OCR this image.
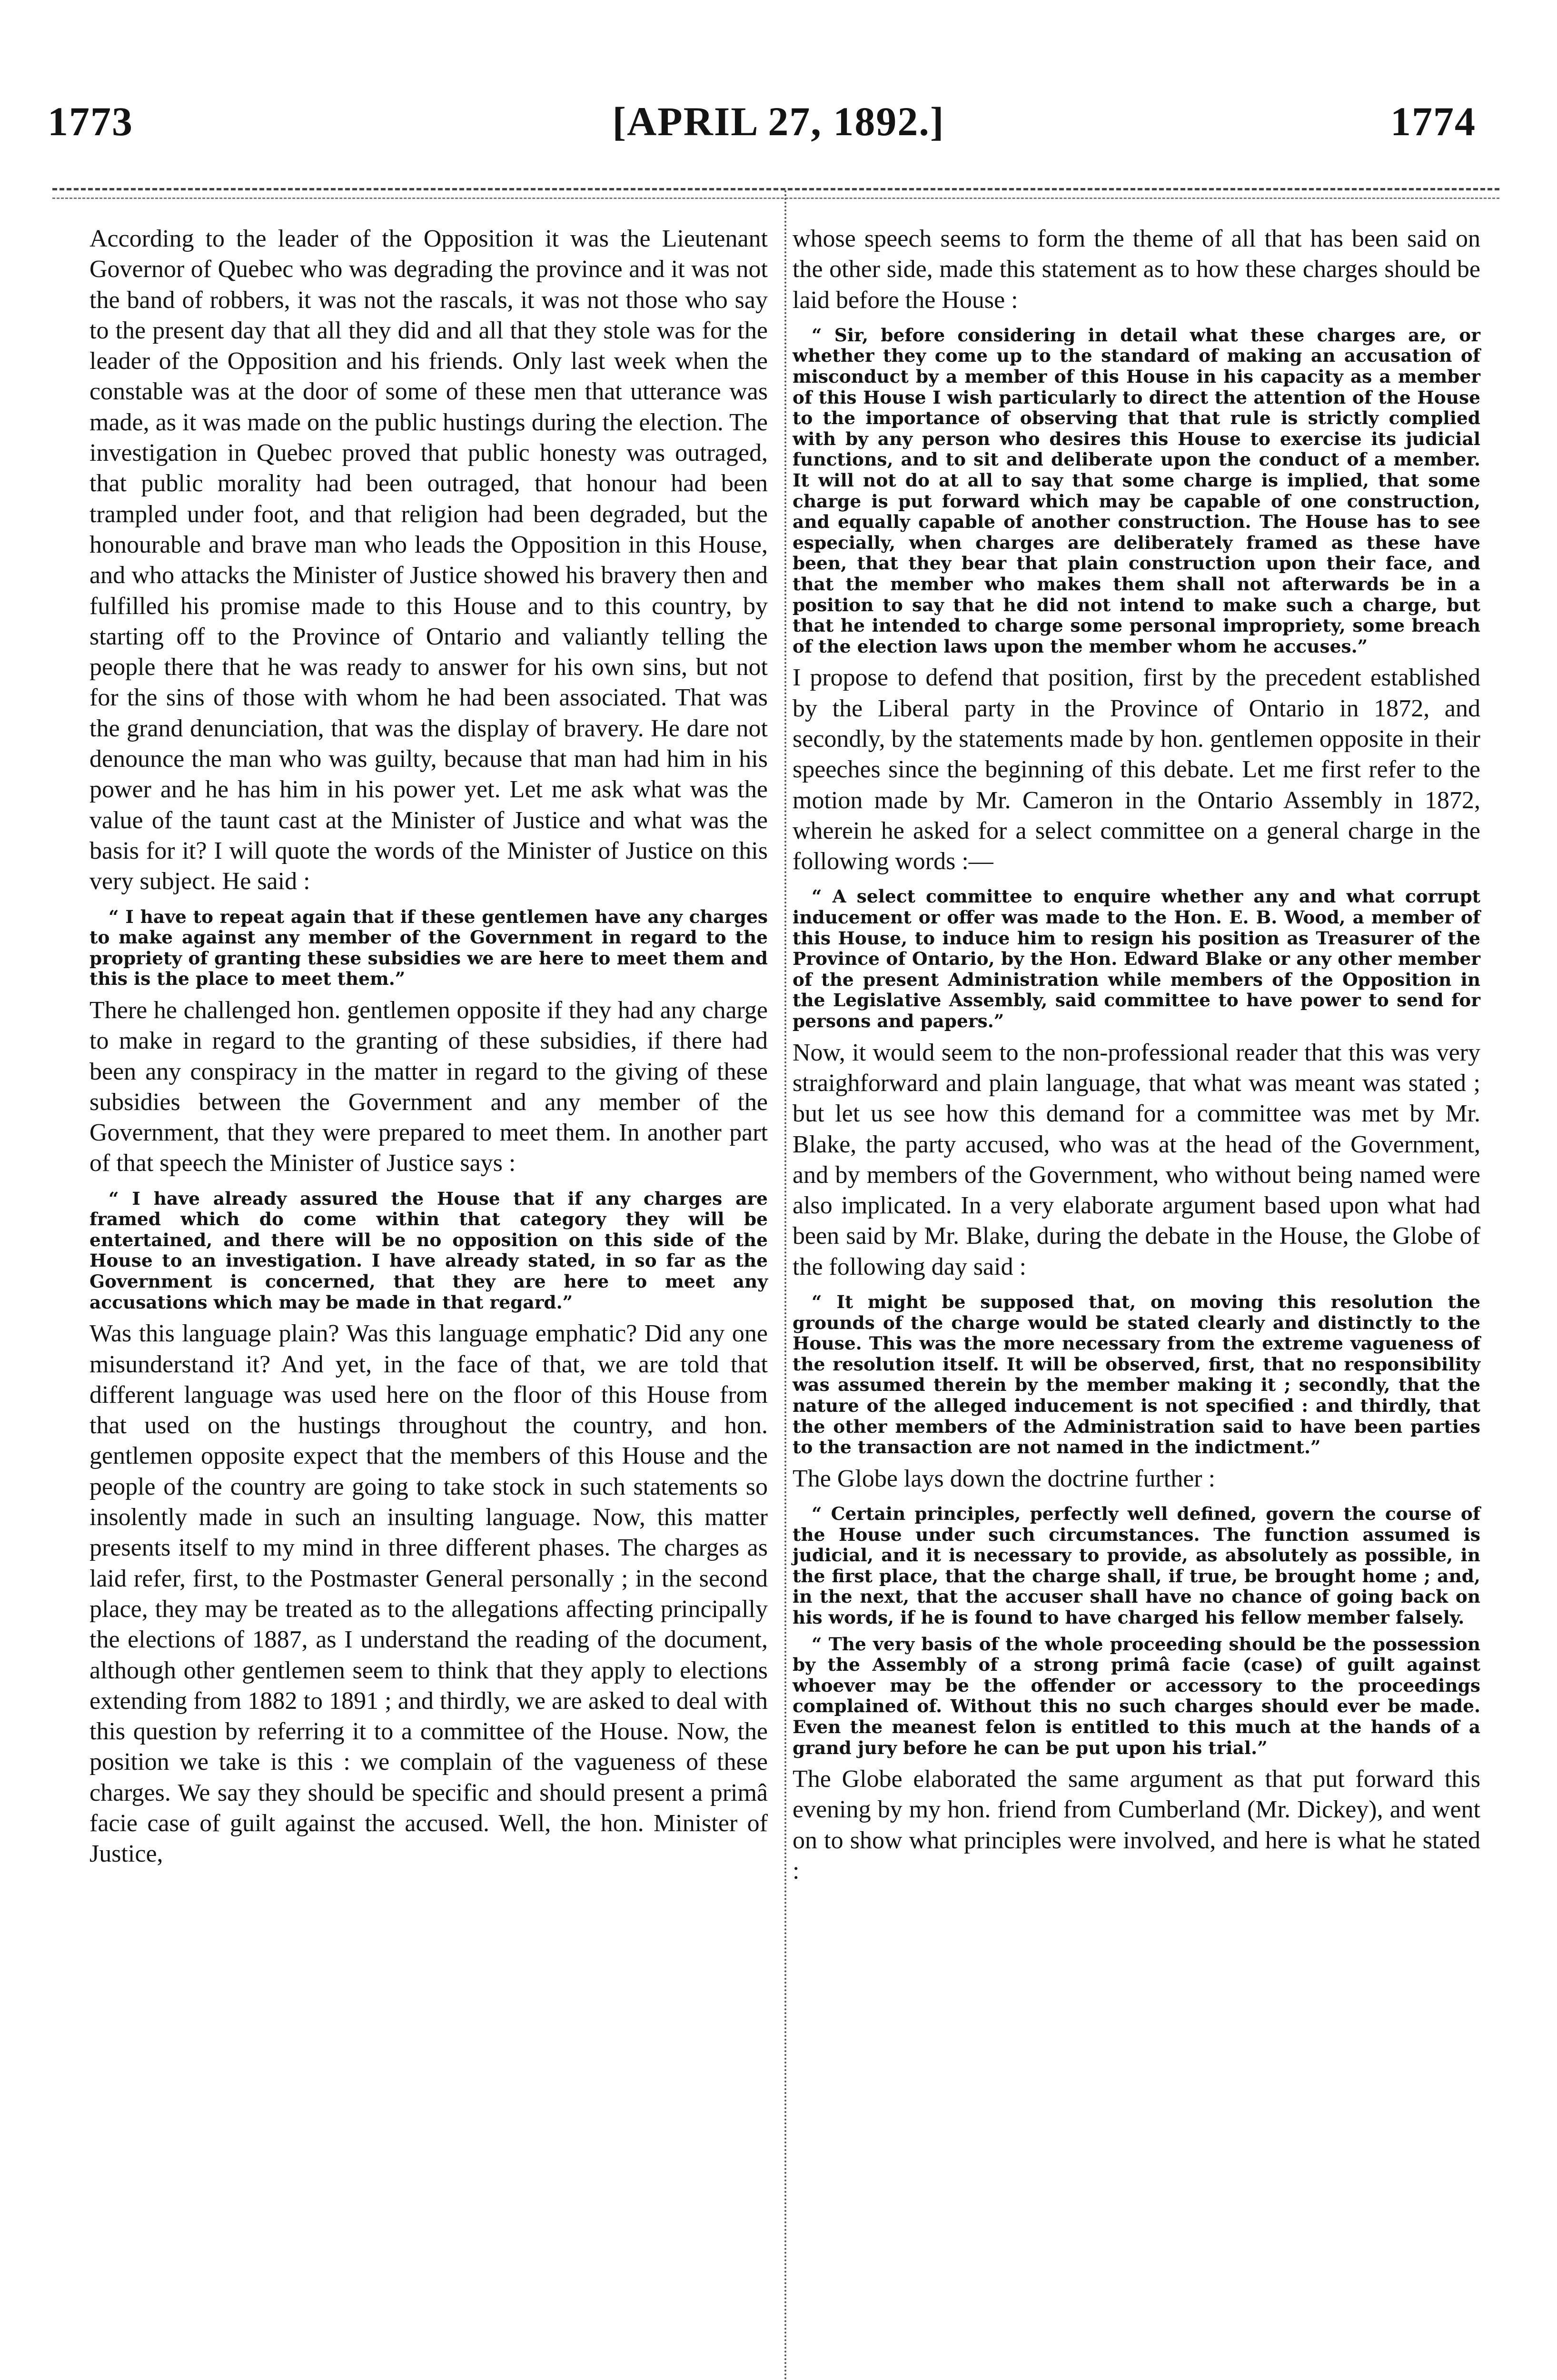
[APRIL 27, 1892.]
1773	1774

According to the leader of the Opposition it was the Lieutenant Governor of Quebec who was degrading the province and it was not the band of robbers, it was not the rascals, it was not those who say to the present day that all they did and all that they stole was for the leader of the Opposition and his friends. Only last week when the constable was at the door of some of these men that utterance was made, as it was made on the public hustings during the election. The investigation in Quebec proved that public honesty was outraged, that public morality had been outraged, that honour had been trampled under foot, and that religion had been degraded, but the honourable and brave man who leads the Opposition in this House, and who attacks the Minister of Justice showed his bravery then and fulfilled his promise made to this House and to this country, by starting off to the Province of Ontario and valiantly telling the people there that he was ready to answer for his own sins, but not for the sins of those with whom he had been associated. That was the grand denunciation, that was the display of bravery. He dare not denounce the man who was guilty, because that man had him in his power and he has him in his power yet. Let me ask what was the value of the taunt cast at the Minister of Justice and what was the basis for it? I will quote the words of the Minister of Justice on this very subject. He said :

“ I have to repeat again that if these gentlemen have any charges to make against any member of the Government in regard to the propriety of granting these subsidies we are here to meet them and this is the place to meet them.”

There he challenged hon. gentlemen opposite if they had any charge to make in regard to the granting of these subsidies, if there had been any conspiracy in the matter in regard to the giving of these subsidies between the Government and any member of the Government, that they were prepared to meet them. In another part of that speech the Minister of Justice says :

“ I have already assured the House that if any charges are framed which do come within that category they will be entertained, and there will be no opposition on this side of the House to an investigation. I have already stated, in so far as the Government is concerned, that they are here to meet any accusations which may be made in that regard.”

Was this language plain? Was this language emphatic? Did any one misunderstand it? And yet, in the face of that, we are told that different language was used here on the floor of this House from that used on the hustings throughout the country, and hon. gentlemen opposite expect that the members of this House and the people of the country are going to take stock in such statements so insolently made in such an insulting language. Now, this matter presents itself to my mind in three different phases. The charges as laid refer, first, to the Postmaster General personally ; in the second place, they may be treated as to the allegations affecting principally the elections of 1887, as I understand the reading of the document, although other gentlemen seem to think that they apply to elections extending from 1882 to 1891 ; and thirdly, we are asked to deal with this question by referring it to a committee of the House. Now, the position we take is this : we complain of the vagueness of these charges. We say they should be specific and should present a primâ facie case of guilt against the accused. Well, the hon. Minister of Justice,

whose speech seems to form the theme of all that has been said on the other side, made this statement as to how these charges should be laid before the House :

“ Sir, before considering in detail what these charges are, or whether they come up to the standard of making an accusation of misconduct by a member of this House in his capacity as a member of this House I wish particularly to direct the attention of the House to the importance of observing that that rule is strictly complied with by any person who desires this House to exercise its judicial functions, and to sit and deliberate upon the conduct of a member. It will not do at all to say that some charge is implied, that some charge is put forward which may be capable of one construction, and equally capable of another construction. The House has to see especially, when charges are deliberately framed as these have been, that they bear that plain construction upon their face, and that the member who makes them shall not afterwards be in a position to say that he did not intend to make such a charge, but that he intended to charge some personal impropriety, some breach of the election laws upon the member whom he accuses.”

I propose to defend that position, first by the precedent established by the Liberal party in the Province of Ontario in 1872, and secondly, by the statements made by hon. gentlemen opposite in their speeches since the beginning of this debate. Let me first refer to the motion made by Mr. Cameron in the Ontario Assembly in 1872, wherein he asked for a select committee on a general charge in the following words :—

“ A select committee to enquire whether any and what corrupt inducement or offer was made to the Hon. E. B. Wood, a member of this House, to induce him to resign his position as Treasurer of the Province of Ontario, by the Hon. Edward Blake or any other member of the present Administration while members of the Opposition in the Legislative Assembly, said committee to have power to send for persons and papers.”

Now, it would seem to the non-professional reader that this was very straighforward and plain language, that what was meant was stated ; but let us see how this demand for a committee was met by Mr. Blake, the party accused, who was at the head of the Government, and by members of the Government, who without being named were also implicated. In a very elaborate argument based upon what had been said by Mr. Blake, during the debate in the House, the Globe of the following day said :

“ It might be supposed that, on moving this resolution the grounds of the charge would be stated clearly and distinctly to the House. This was the more necessary from the extreme vagueness of the resolution itself. It will be observed, first, that no responsibility was assumed therein by the member making it ; secondly, that the nature of the alleged inducement is not specified : and thirdly, that the other members of the Administration said to have been parties to the transaction are not named in the indictment.”

The Globe lays down the doctrine further :

“ Certain principles, perfectly well defined, govern the course of the House under such circumstances. The function assumed is judicial, and it is necessary to provide, as absolutely as possible, in the first place, that the charge shall, if true, be brought home ; and, in the next, that the accuser shall have no chance of going back on his words, if he is found to have charged his fellow member falsely.

“ The very basis of the whole proceeding should be the possession by the Assembly of a strong primâ facie (case) of guilt against whoever may be the offender or accessory to the proceedings complained of. Without this no such charges should ever be made. Even the meanest felon is entitled to this much at the hands of a grand jury before he can be put upon his trial.”

The Globe elaborated the same argument as that put forward this evening by my hon. friend from Cumberland (Mr. Dickey), and went on to show what principles were involved, and here is what he stated :
